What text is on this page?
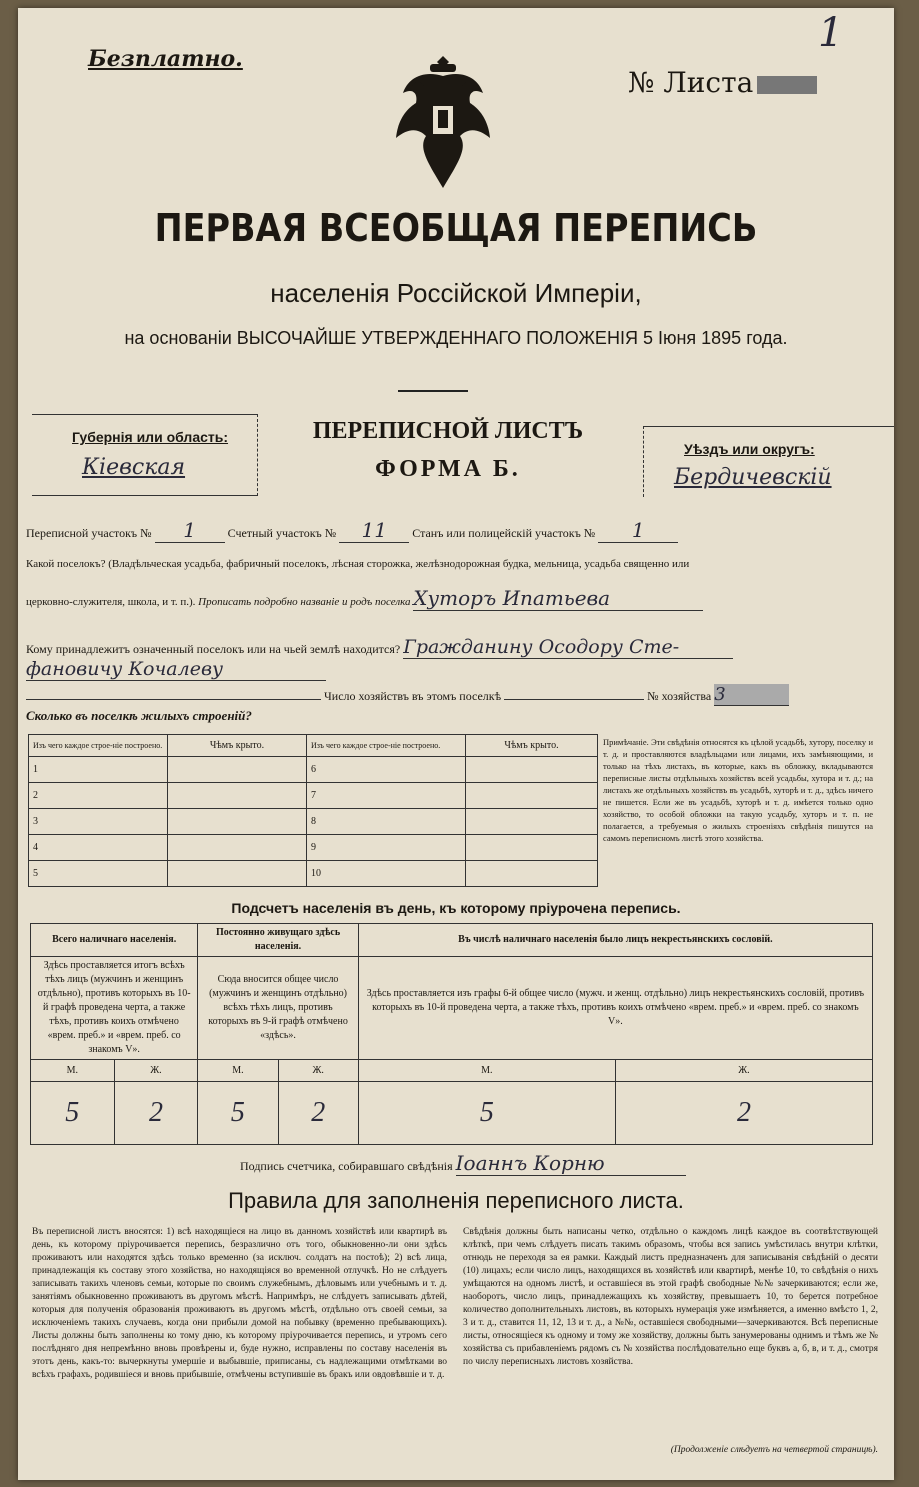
Безплатно.
1
№ Листа
ПЕРВАЯ ВСЕОБЩАЯ ПЕРЕПИСЬ
населенія Россійской Имперіи,
на основаніи ВЫСОЧАЙШЕ УТВЕРЖДЕННАГО ПОЛОЖЕНІЯ 5 Іюня 1895 года.
Губернія или область:
Кіевская
ПЕРЕПИСНОЙ ЛИСТЪ
ФОРМА Б.
Уѣздъ или округъ:
Бердичевскій
Переписной участокъ № 1	Счетный участокъ № 11 Станъ или полицейскій участокъ № 1
Какой поселокъ? (Владѣльческая усадьба, фабричный поселокъ, лѣсная сторожка, желѣзнодорожная будка, мельница, усадьба священно или
церковно-служителя, школа, и т. п.). Прописать подробно названіе и родъ поселка Хуторъ Ипатьева
Кому принадлежитъ означенный поселокъ или на чьей землѣ находится? Гражданину Осодору Сте-
фановичу Кочалеву
Число хозяйствъ въ этомъ поселкѣ	№ хозяйства 3
Сколько въ поселкѣ жилыхъ строеній?
Изъ чего каждое строе-ніе построено.	Чѣмъ крыто.	Изъ чего каждое строе-ніе построено.	Чѣмъ крыто.
1		6	
2		7	
3		8	
4		9	
5		10	
Примѣчаніе. Эти свѣдѣнія относятся къ цѣлой усадьбѣ, хутору, поселку и т. д. и проставляются владѣльцами или лицами, ихъ замѣняющими, и только на тѣхъ листахъ, въ которые, какъ въ обложку, вкладываются переписные листы отдѣльныхъ хозяйствъ всей усадьбы, хутора и т. д.; на листахъ же отдѣльныхъ хозяйствъ въ усадьбѣ, хуторѣ и т. д., здѣсь ничего не пишется. Если же въ усадьбѣ, хуторѣ и т. д. имѣется только одно хозяйство, то особой обложки на такую усадьбу, хуторъ и т. п. не полагается, а требуемыя о жилыхъ строеніяхъ свѣдѣнія пишутся на самомъ переписномъ листѣ этого хозяйства.
Подсчетъ населенія въ день, къ которому пріурочена перепись.
Всего наличнаго населенія.		Постоянно живущаго здѣсь населенія.		Въ числѣ наличнаго населенія было лицъ некрестьянскихъ сословій.	
Здѣсь проставляется итогъ всѣхъ тѣхъ лицъ (мужчинъ и женщинъ отдѣльно), противъ которыхъ въ 10-й графѣ проведена черта, а также тѣхъ, противъ коихъ отмѣчено «врем. преб.» и «врем. преб. со знакомъ V».		Сюда вносится общее число (мужчинъ и женщинъ отдѣльно) всѣхъ тѣхъ лицъ, противъ которыхъ въ 9-й графѣ отмѣчено «здѣсь».		Здѣсь проставляется изъ графы 6-й общее число (мужч. и женщ. отдѣльно) лицъ некрестьянскихъ сословій, противъ которыхъ въ 10-й проведена черта, а также тѣхъ, противъ коихъ отмѣчено «врем. преб.» и «врем. преб. со знакомъ V».	
М.	Ж.	М.	Ж.	М.	Ж.
5	2	5	2	5	2
Подпись счетчика, собиравшаго свѣдѣнія Іоаннъ Корню
Правила для заполненія переписного листа.
Въ переписной листъ вносятся: 1) всѣ находящіеся на лицо въ данномъ хозяйствѣ или квартирѣ въ день, къ которому пріурочивается перепись, безразлично отъ того, обыкновенно-ли они здѣсь проживаютъ или находятся здѣсь только временно (за исключ. солдатъ на постоѣ); 2) всѣ лица, принадлежащія къ составу этого хозяйства, но находящіяся во временной отлучкѣ. Но не слѣдуетъ записывать такихъ членовъ семьи, которые по своимъ служебнымъ, дѣловымъ или учебнымъ и т. д. занятіямъ обыкновенно проживаютъ въ другомъ мѣстѣ. Напримѣръ, не слѣдуетъ записывать дѣтей, которыя для полученія образованія проживаютъ въ другомъ мѣстѣ, отдѣльно отъ своей семьи, за исключеніемъ такихъ случаевъ, когда они прибыли домой на побывку (временно пребывающихъ). Листы должны быть заполнены ко тому дню, къ которому пріурочивается перепись, и утромъ сего послѣдняго дня непремѣнно вновь провѣрены и, буде нужно, исправлены по составу населенія въ этотъ день, какъ-то: вычеркнуты умершіе и выбывшіе, приписаны, съ надлежащими отмѣтками во всѣхъ графахъ, родившіеся и вновь прибывшіе, отмѣчены вступившіе въ бракъ или овдовѣвшіе и т. д.
Свѣдѣнія должны быть написаны четко, отдѣльно о каждомъ лицѣ каждое въ соотвѣтствующей клѣткѣ, при чемъ слѣдуетъ писать такимъ образомъ, чтобы вся запись умѣстилась внутри клѣтки, отнюдь не переходя за ея рамки. Каждый листъ предназначенъ для записыванія свѣдѣній о десяти (10) лицахъ; если число лицъ, находящихся въ хозяйствѣ или квартирѣ, менѣе 10, то свѣдѣнія о нихъ умѣщаются на одномъ листѣ, и оставшіеся въ этой графѣ свободные №№ зачеркиваются; если же, наоборотъ, число лицъ, принадлежащихъ къ хозяйству, превышаетъ 10, то берется потребное количество дополнительныхъ листовъ, въ которыхъ нумерація уже измѣняется, а именно вмѣсто 1, 2, 3 и т. д., ставится 11, 12, 13 и т. д., а №№, оставшіеся свободными—зачеркиваются. Всѣ переписные листы, относящіеся къ одному и тому же хозяйству, должны быть занумерованы однимъ и тѣмъ же № хозяйства съ прибавленіемъ рядомъ съ № хозяйства послѣдовательно еще буквъ а, б, в, и т. д., смотря по числу переписныхъ листовъ хозяйства.
(Продолженіе слѣдуетъ на четвертой страницѣ).
